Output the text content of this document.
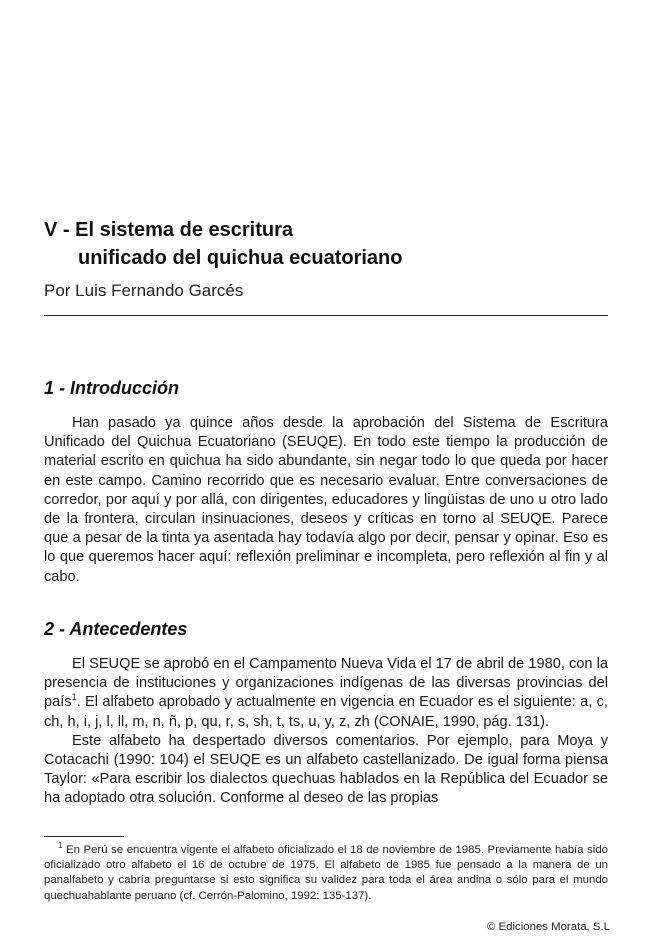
V - El sistema de escritura
unificado del quichua ecuatoriano

Por Luis Fernando Garcés

1 - Introducción

Han pasado ya quince años desde la aprobación del Sistema de Escritura Unificado del Quichua Ecuatoriano (SEUQE). En todo este tiempo la producción de material escrito en quichua ha sido abundante, sin negar todo lo que queda por hacer en este campo. Camino recorrido que es necesario evaluar. Entre conversaciones de corredor, por aquí y por allá, con dirigentes, educadores y lingüistas de uno u otro lado de la frontera, circulan insinuaciones, deseos y críticas en torno al SEUQE. Parece que a pesar de la tinta ya asentada hay todavía algo por decir, pensar y opinar. Eso es lo que queremos hacer aquí: reflexión preliminar e incompleta, pero reflexión al fin y al cabo.

2 - Antecedentes

El SEUQE se aprobó en el Campamento Nueva Vida el 17 de abril de 1980, con la presencia de instituciones y organizaciones indígenas de las diversas provincias del país$^1$. El alfabeto aprobado y actualmente en vigencia en Ecuador es el siguiente: a, c, ch, h, i, j, l, ll, m, n, ñ, p, qu, r, s, sh, t, ts, u, y, z, zh (CONAIE, 1990, pág. 131).

Este alfabeto ha despertado diversos comentarios. Por ejemplo, para Moya y Cotacachi (1990: 104) el SEUQE es un alfabeto castellanizado. De igual forma piensa Taylor: «Para escribir los dialectos quechuas hablados en la República del Ecuador se ha adoptado otra solución. Conforme al deseo de las propias

$^1$ En Perú se encuentra vigente el alfabeto oficializado el 18 de noviembre de 1985. Previamente había sido oficializado otro alfabeto el 16 de octubre de 1975. El alfabeto de 1985 fue pensado a la manera de un panalfabeto y cabría preguntarse si esto significa su validez para toda el área andina o sólo para el mundo quechuahablante peruano (cf. Cerrón-Palomino, 1992: 135-137).

© Ediciones Morata, S.L
